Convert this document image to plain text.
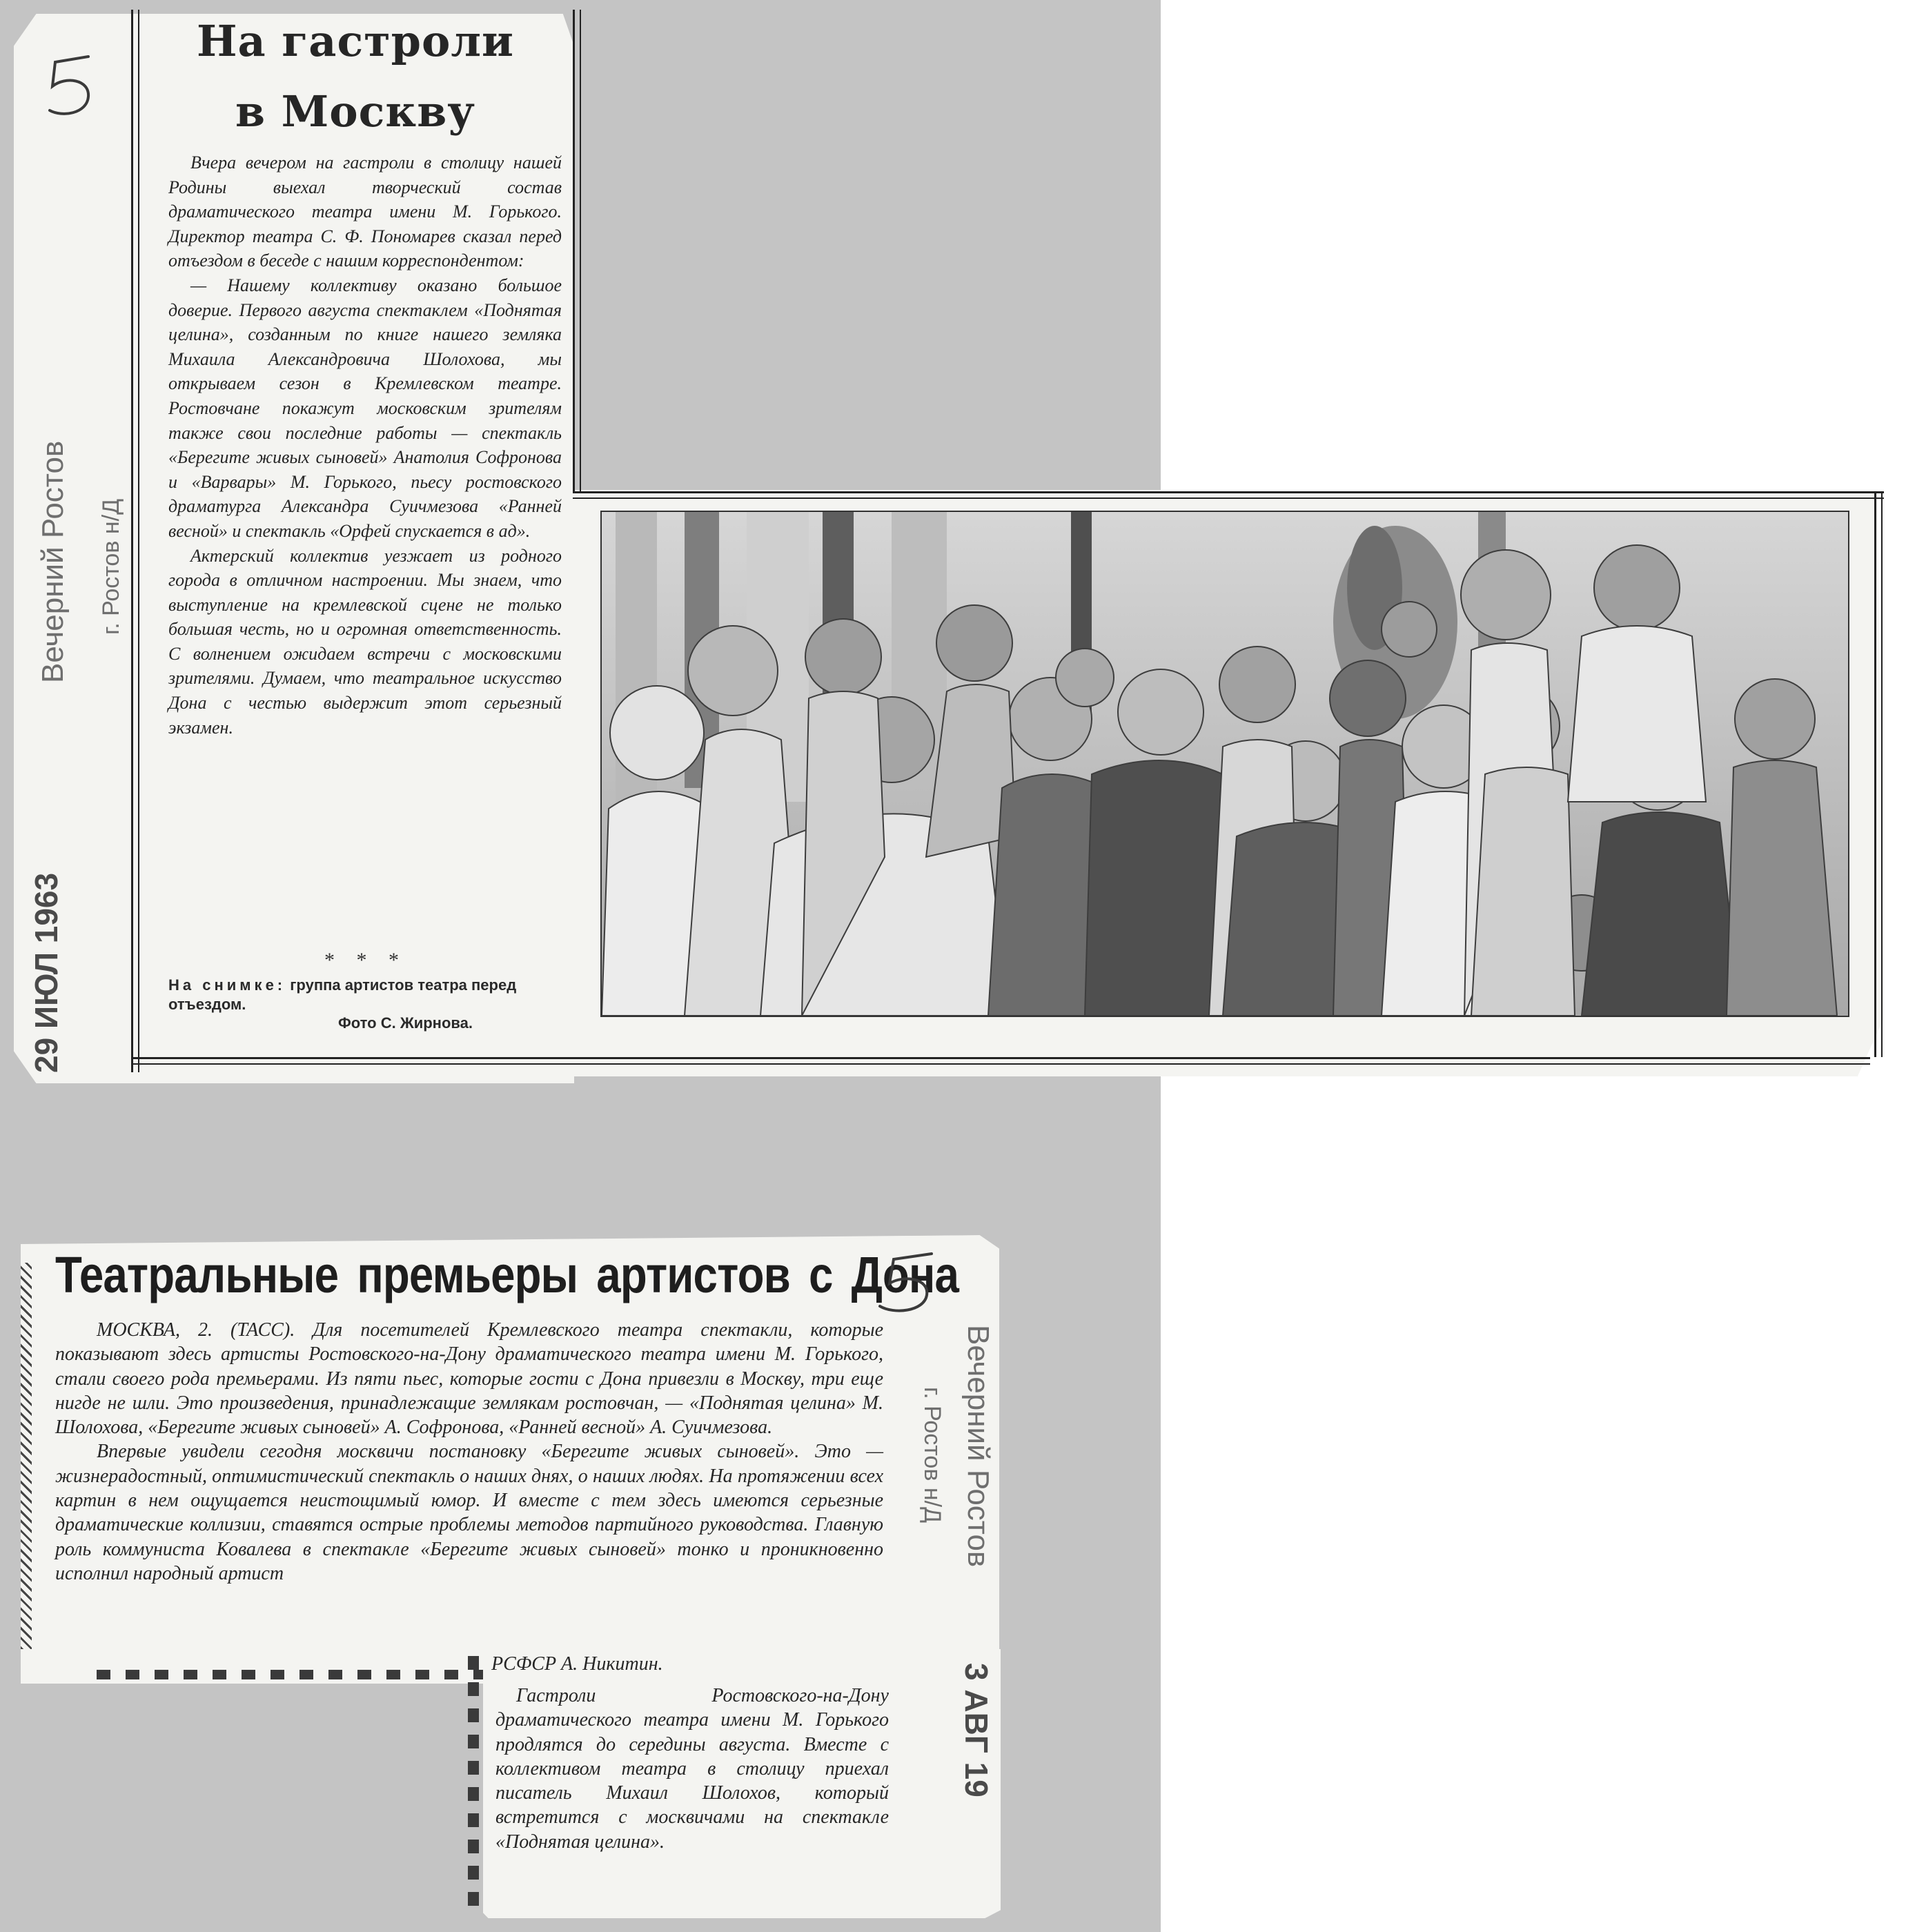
Вечерний Ростов г. Ростов н/Д
29 ИЮЛ 1963
На гастроли
в Москву

Вчера вечером на гастроли в столицу нашей Родины выехал творческий состав драматического театра имени М. Горького. Директор театра С. Ф. Пономарев сказал перед отъездом в беседе с нашим корреспондентом:

— Нашему коллективу оказано большое доверие. Первого августа спектаклем «Поднятая целина», созданным по книге нашего земляка Михаила Александровича Шолохова, мы открываем сезон в Кремлевском театре. Ростовчане покажут московским зрителям также свои последние работы — спектакль «Берегите живых сыновей» Анатолия Софронова и «Варвары» М. Горького, пьесу ростовского драматурга Александра Суичмезова «Ранней весной» и спектакль «Орфей спускается в ад».

Актерский коллектив уезжает из родного города в отличном настроении. Мы знаем, что выступление на кремлевской сцене не только большая честь, но и огромная ответственность. С волнением ожидаем встречи с московскими зрителями. Думаем, что театральное искусство Дона с честью выдержит этот серьезный экзамен.

* * *
На снимке: группа артистов театра перед отъездом.
Фото С. Жирнова.
Театральные премьеры артистов с Дона

МОСКВА, 2. (ТАСС). Для посетителей Кремлевского театра спектакли, которые показывают здесь артисты Ростовского-на-Дону драматического театра имени М. Горького, стали своего рода премьерами. Из пяти пьес, которые гости с Дона привезли в Москву, три еще нигде не шли. Это произведения, принадлежащие землякам ростовчан, — «Поднятая целина» М. Шолохова, «Берегите живых сыновей» А. Софронова, «Ранней весной» А. Суичмезова.

Впервые увидели сегодня москвичи постановку «Берегите живых сыновей». Это — жизнерадостный, оптимистический спектакль о наших днях, о наших людях. На протяжении всех картин в нем ощущается неистощимый юмор. И вместе с тем здесь имеются серьезные драматические коллизии, ставятся острые проблемы методов партийного руководства. Главную роль коммуниста Ковалева в спектакле «Берегите живых сыновей» тонко и проникновенно исполнил народный артист

РСФСР А. Никитин.

Гастроли Ростовского-на-Дону драматического театра имени М. Горького продлятся до середины августа. Вместе с коллективом театра в столицу приехал писатель Михаил Шолохов, который встретится с москвичами на спектакле «Поднятая целина».

Вечерний Ростов
г. Ростов н/Д
3 АВГ 19
